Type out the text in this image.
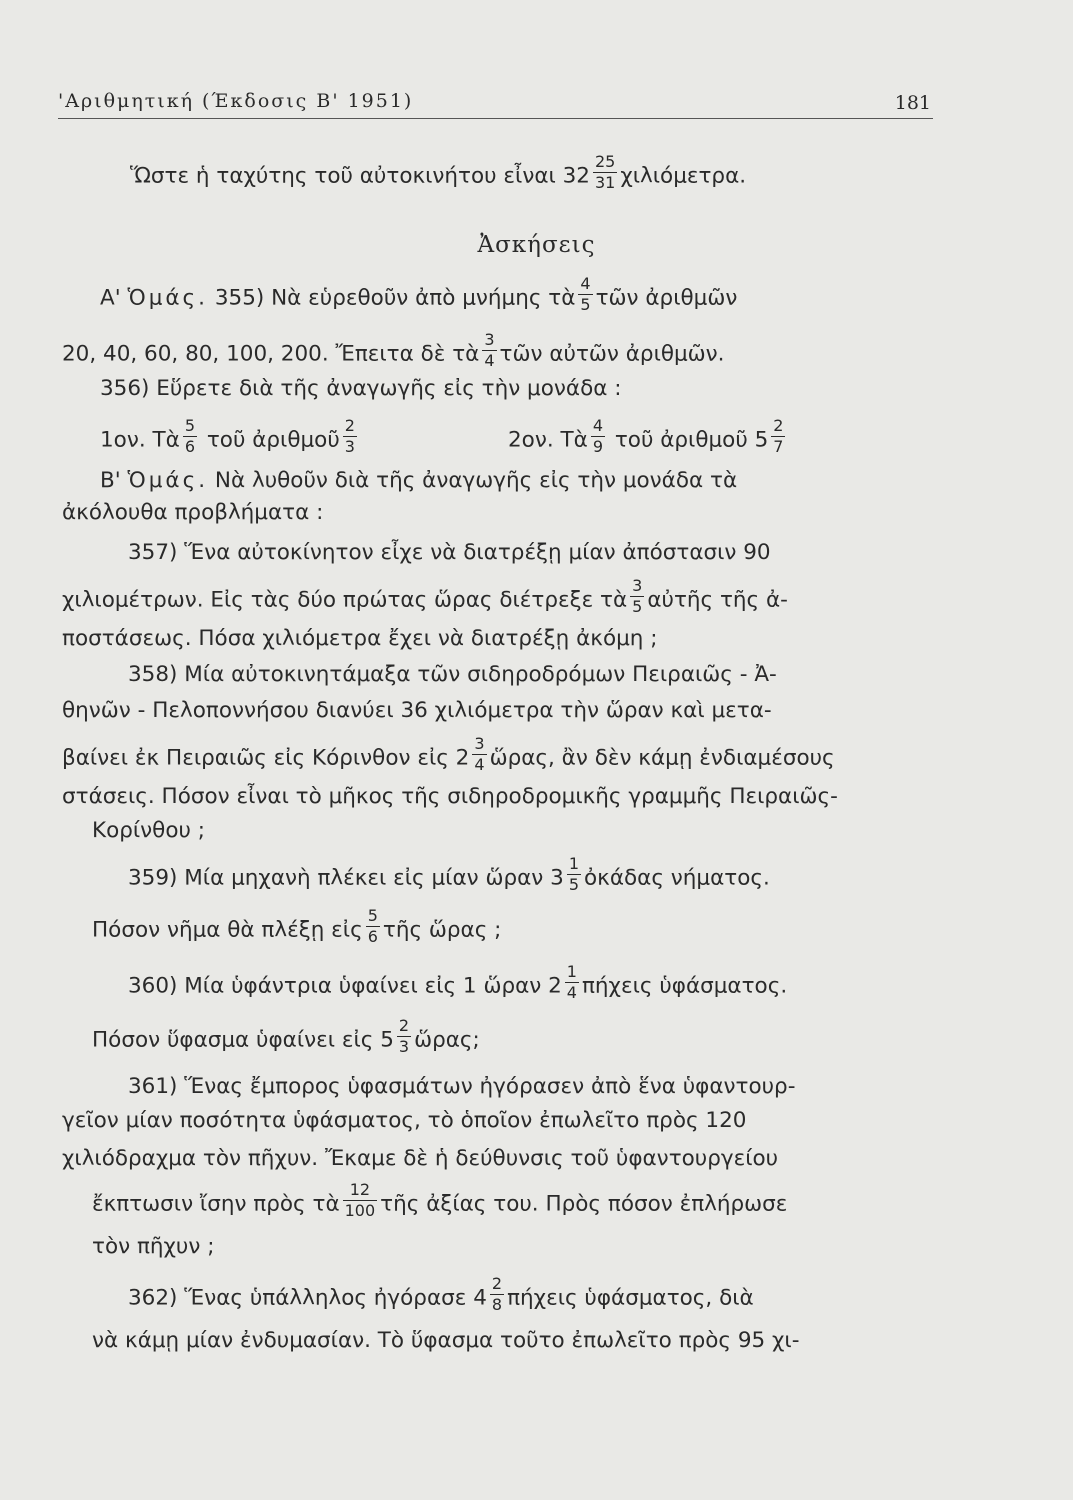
'Αριθμητική (Έκδοσις Β' 1951)	181
Ὥστε ἡ ταχύτης τοῦ αὐτοκινήτου εἶναι $32 \frac{25}{31} \chi\iota\lambda\iota ό\mu\varepsilon\tau\rho\alpha$.
Ἀσκήσεις
Α' Ὁμάς. 355) Νὰ εὑρεθοῦν ἀπὸ μνήμης τὰ $\frac{4}{5}$ τῶν ἀριθμῶν
20, 40, 60, 80, 100, 200. Ἔπειτα δὲ τὰ $\frac{3}{4}$ τῶν αὐτῶν ἀριθμῶν.
356) Εὕρετε διὰ τῆς ἀναγωγῆς εἰς τὴν μονάδα :
1ον. Τὰ $\frac{5}{6}$ τοῦ ἀριθμοῦ $\frac{2}{3}$	2ον. Τὰ $\frac{4}{9}$ τοῦ ἀριθμοῦ $5 \frac{2}{7}$
Β' Ὁμάς. Νὰ λυθοῦν διὰ τῆς ἀναγωγῆς εἰς τὴν μονάδα τὰ
ἀκόλουθα προβλήματα :
357) Ἕνα αὐτοκίνητον εἶχε νὰ διατρέξῃ μίαν ἀπόστασιν 90
χιλιομέτρων. Εἰς τὰς δύο πρώτας ὥρας διέτρεξε τὰ $\frac{3}{5}$ αὐτῆς τῆς ἀ-
ποστάσεως. Πόσα χιλιόμετρα ἔχει νὰ διατρέξῃ ἀκόμη ;
358) Μία αὐτοκινητάμαξα τῶν σιδηροδρόμων Πειραιῶς - Ἀ-
θηνῶν - Πελοποννήσου διανύει 36 χιλιόμετρα τὴν ὥραν καὶ μετα-
βαίνει ἐκ Πειραιῶς εἰς Κόρινθον εἰς $2 \frac{3}{4}$ ὥρας, ἂν δὲν κάμῃ ἐνδιαμέσους
στάσεις. Πόσον εἶναι τὸ μῆκος τῆς σιδηροδρομικῆς γραμμῆς Πειραιῶς-
Κορίνθου ;
359) Μία μηχανὴ πλέκει εἰς μίαν ὥραν $3 \frac{1}{5}$ ὀκάδας νήματος.
Πόσον νῆμα θὰ πλέξῃ εἰς $\frac{5}{6}$ τῆς ὥρας ;
360) Μία ὑφάντρια ὑφαίνει εἰς 1 ὥραν $2 \frac{1}{4}$ πήχεις ὑφάσματος.
Πόσον ὕφασμα ὑφαίνει εἰς $5 \frac{2}{3}$ ὥρας;
361) Ἕνας ἔμπορος ὑφασμάτων ἠγόρασεν ἀπὸ ἕνα ὑφαντουρ-
γεῖον μίαν ποσότητα ὑφάσματος, τὸ ὁποῖον ἐπωλεῖτο πρὸς 120
χιλιόδραχμα τὸν πῆχυν. Ἔκαμε δὲ ἡ δεύθυνσις τοῦ ὑφαντουργείου
ἔκπτωσιν ἴσην πρὸς τὰ $\frac{12}{100}$ τῆς ἀξίας του. Πρὸς πόσον ἐπλήρωσε
τὸν πῆχυν ;
362) Ἕνας ὑπάλληλος ἠγόρασε $4 \frac{2}{8}$ πήχεις ὑφάσματος, διὰ
νὰ κάμῃ μίαν ἐνδυμασίαν. Τὸ ὕφασμα τοῦτο ἐπωλεῖτο πρὸς 95 χι-
